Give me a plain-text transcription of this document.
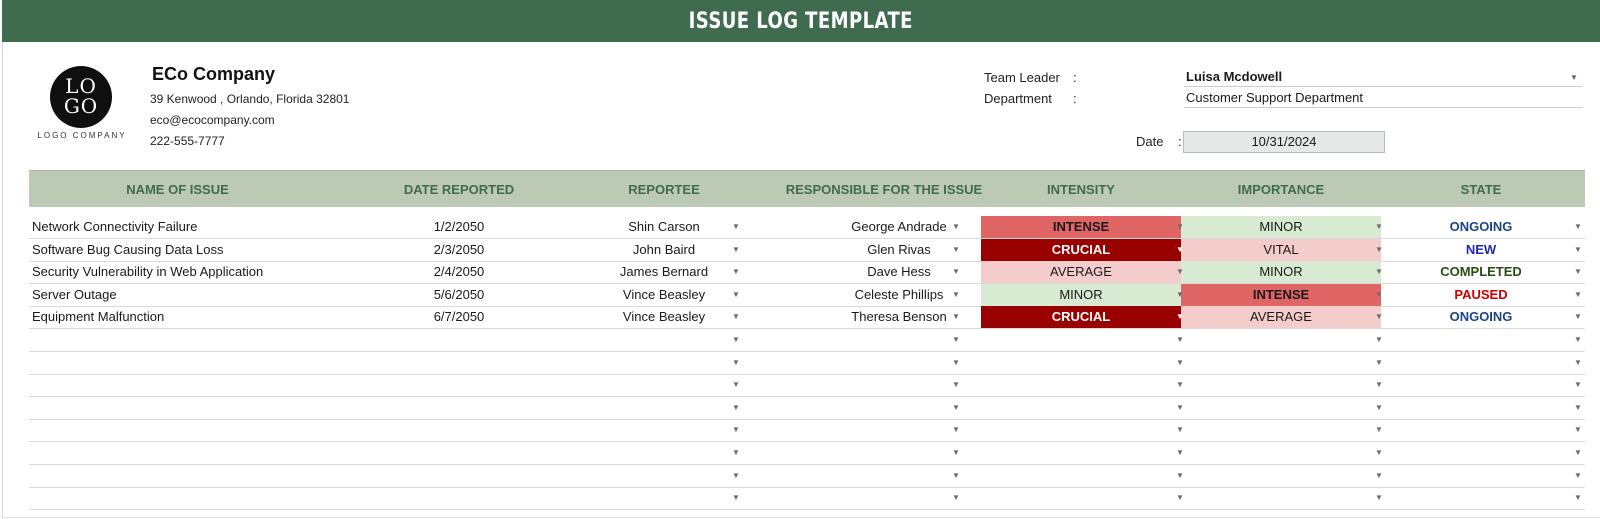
ISSUE LOG TEMPLATE
LO
GO
LOGO COMPANY
ECo Company
39 Kenwood , Orlando, Florida 32801
eco@ecocompany.com
222-555-7777
Team Leader :	Luisa Mcdowell	▼
Department :	Customer Support Department
Date :	10/31/2024
NAME OF ISSUE	DATE REPORTED	REPORTEE	RESPONSIBLE FOR THE ISSUE	INTENSITY	IMPORTANCE	STATE
Network Connectivity Failure	1/2/2050	Shin Carson	George Andrade	INTENSE	MINOR	ONGOING
▼	▼	▼	▼	▼
Software Bug Causing Data Loss	2/3/2050	John Baird	Glen Rivas	CRUCIAL	VITAL	NEW
▼	▼	▼	▼	▼
Security Vulnerability in Web Application	2/4/2050	James Bernard	Dave Hess	AVERAGE	MINOR	COMPLETED
▼	▼	▼	▼	▼
Server Outage	5/6/2050	Vince Beasley	Celeste Phillips	MINOR	INTENSE	PAUSED
▼	▼	▼	▼	▼
Equipment Malfunction	6/7/2050	Vince Beasley	Theresa Benson	CRUCIAL	AVERAGE	ONGOING
▼	▼	▼	▼	▼
▼	▼	▼	▼	▼
▼	▼	▼	▼	▼
▼	▼	▼	▼	▼
▼	▼	▼	▼	▼
▼	▼	▼	▼	▼
▼	▼	▼	▼	▼
▼	▼	▼	▼	▼
▼	▼	▼	▼	▼
